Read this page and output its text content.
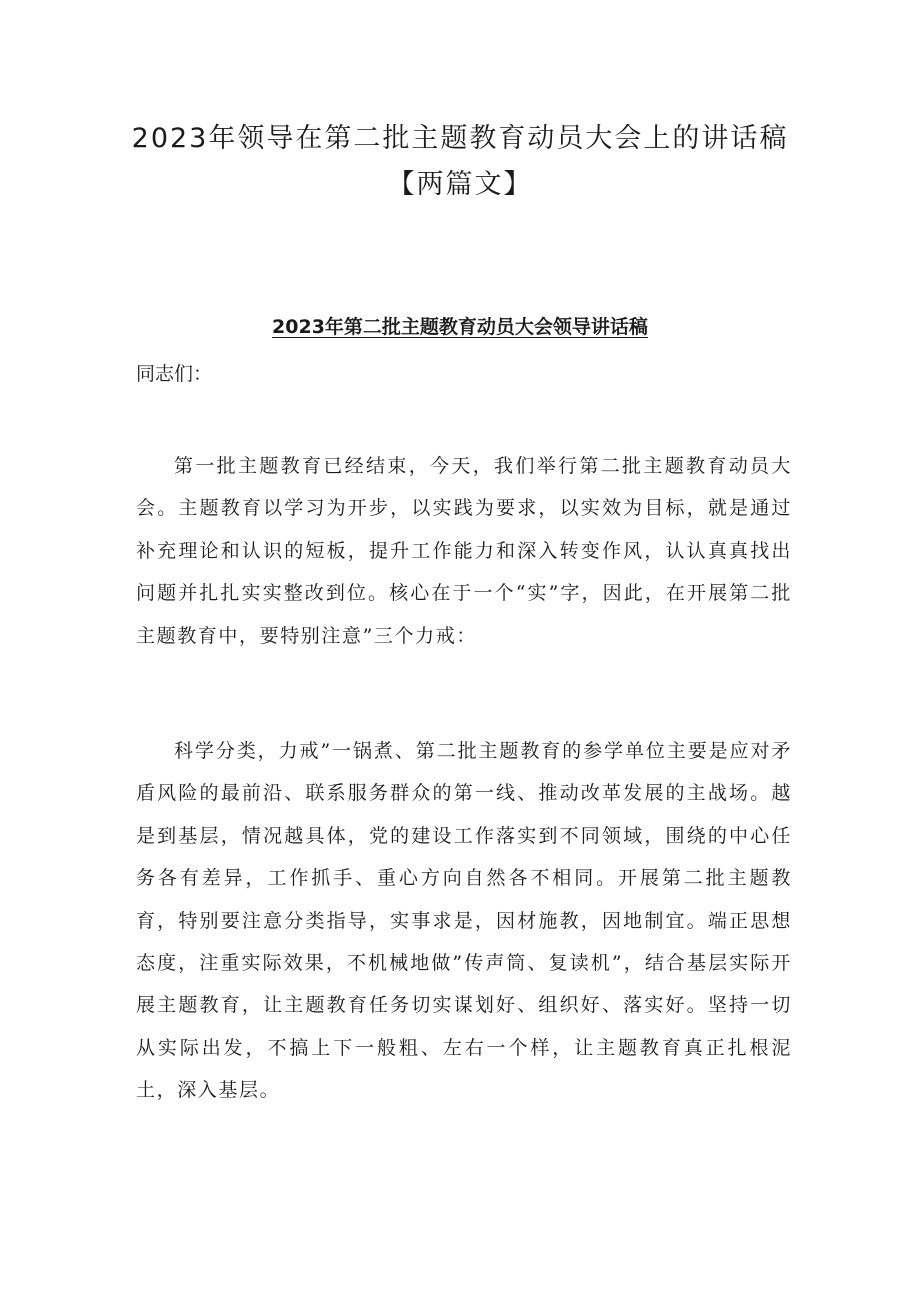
2023年领导在第二批主题教育动员大会上的讲话稿
【两篇文】
2023年第二批主题教育动员大会领导讲话稿

同志们：

第一批主题教育已经结束，今天，我们举行第二批主题教育动员大会。主题教育以学习为开步，以实践为要求，以实效为目标，就是通过补充理论和认识的短板，提升工作能力和深入转变作风，认认真真找出问题并扎扎实实整改到位。核心在于一个“实”字，因此，在开展第二批主题教育中，要特别注意”三个力戒：

科学分类，力戒”一锅煮、第二批主题教育的参学单位主要是应对矛盾风险的最前沿、联系服务群众的第一线、推动改革发展的主战场。越是到基层，情况越具体，党的建设工作落实到不同领域，围绕的中心任务各有差异，工作抓手、重心方向自然各不相同。开展第二批主题教育，特别要注意分类指导，实事求是，因材施教，因地制宜。端正思想态度，注重实际效果，不机械地做”传声筒、复读机”，结合基层实际开展主题教育，让主题教育任务切实谋划好、组织好、落实好。坚持一切从实际出发，不搞上下一般粗、左右一个样，让主题教育真正扎根泥土，深入基层。
